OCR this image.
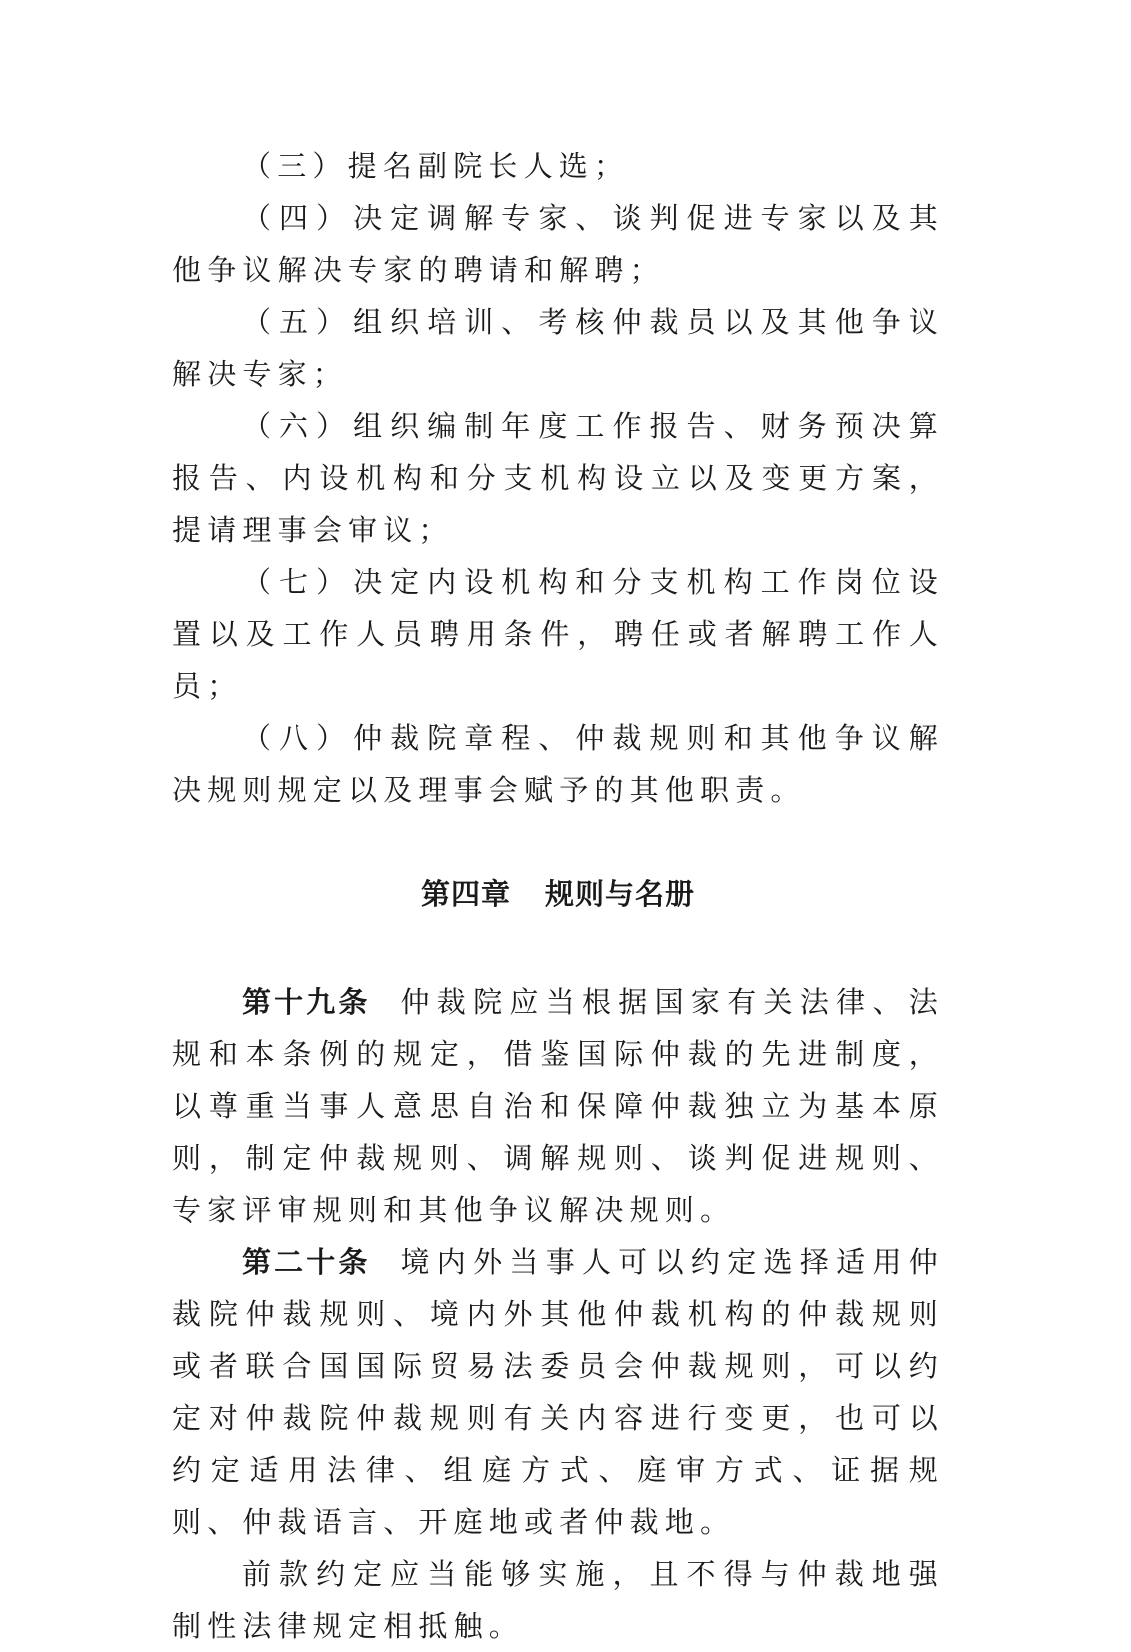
（三）提名副院长人选；

（四）决定调解专家、谈判促进专家以及其他争议解决专家的聘请和解聘；

（五）组织培训、考核仲裁员以及其他争议解决专家；

（六）组织编制年度工作报告、财务预决算报告、内设机构和分支机构设立以及变更方案，提请理事会审议；

（七）决定内设机构和分支机构工作岗位设置以及工作人员聘用条件，聘任或者解聘工作人员；

（八）仲裁院章程、仲裁规则和其他争议解决规则规定以及理事会赋予的其他职责。

第四章 规则与名册

第十九条 仲裁院应当根据国家有关法律、法规和本条例的规定，借鉴国际仲裁的先进制度，以尊重当事人意思自治和保障仲裁独立为基本原则，制定仲裁规则、调解规则、谈判促进规则、专家评审规则和其他争议解决规则。

第二十条 境内外当事人可以约定选择适用仲裁院仲裁规则、境内外其他仲裁机构的仲裁规则或者联合国国际贸易法委员会仲裁规则，可以约定对仲裁院仲裁规则有关内容进行变更，也可以约定适用法律、组庭方式、庭审方式、证据规则、仲裁语言、开庭地或者仲裁地。

前款约定应当能够实施，且不得与仲裁地强制性法律规定相抵触。
